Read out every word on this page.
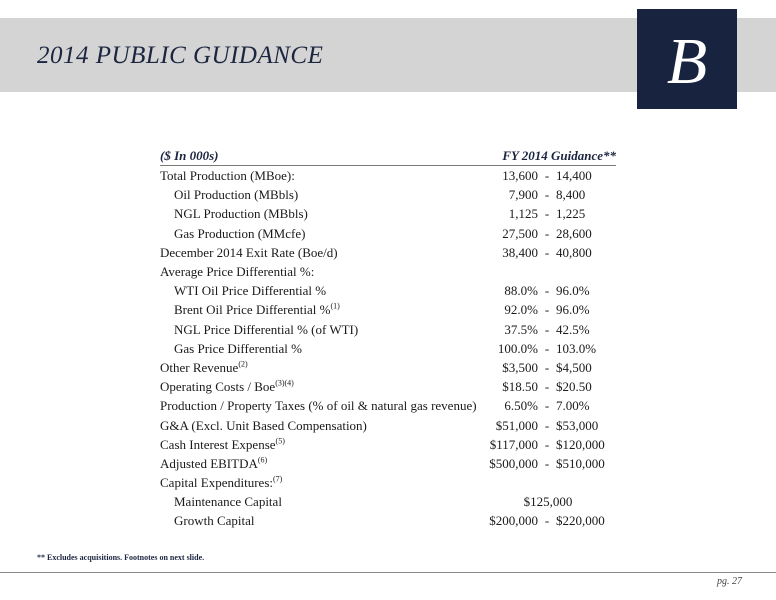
2014 PUBLIC GUIDANCE	B
($ In 000s)	FY 2014 Guidance**		
Total Production (MBoe):	13,600	-	14,400
Oil Production (MBbls)	7,900	-	8,400
NGL Production (MBbls)	1,125	-	1,225
Gas Production (MMcfe)	27,500	-	28,600
December 2014 Exit Rate (Boe/d)	38,400	-	40,800
Average Price Differential %:			
WTI Oil Price Differential %	88.0%	-	96.0%
Brent Oil Price Differential %$^{(1)}$	92.0%	-	96.0%
NGL Price Differential % (of WTI)	37.5%	-	42.5%
Gas Price Differential %	100.0%	-	103.0%
Other Revenue$^{(2)}$	$3,500	-	$4,500
Operating Costs / Boe$^{(3)(4)}$	$18.50	-	$20.50
Production / Property Taxes (% of oil & natural gas revenue)	6.50%	-	7.00%
G&A (Excl. Unit Based Compensation)	$51,000	-	$53,000
Cash Interest Expense$^{(5)}$	$117,000	-	$120,000
Adjusted EBITDA$^{(6)}$	$500,000	-	$510,000
Capital Expenditures:$^{(7)}$
Maintenance Capital	$125,000		
Growth Capital	$200,000	-	$220,000
** Excludes acquisitions. Footnotes on next slide.
pg. 27
